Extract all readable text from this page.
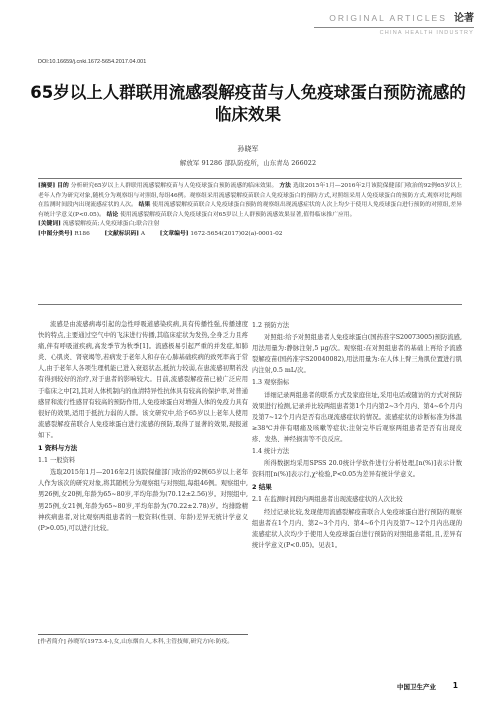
ORIGINAL ARTICLES 论著
CHINA HEALTH INDUSTRY
DOI:10.16659/j.cnki.1672-5654.2017.04.001
65岁以上人群联用流感裂解疫苗与人免疫球蛋白预防流感的临床效果
孙晓军
解放军 91286 部队防疫所，山东青岛 266022
[摘要] 目的 分析研究65岁以上人群联用流感裂解疫苗与人免疫球蛋白预防流感的临床效果。 方法 选取2015年1月—2016年2月该院保健部门收治的92例65岁以上老年人作为研究对象,随机分为观察组与对照组,每组46例。观察组采用流感裂解疫苗联合人免疫球蛋白的预防方式,对照组采用人免疫球蛋白的预防方式,观察对比两组在监测时间段内出现流感症状的人次。 结果 使用流感裂解疫苗联合人免疫球蛋白预防的观察组出现流感症状的人次上均少于使用人免疫球蛋白进行预防的对照组,差异有统计学意义(P<0.05)。 结论 使用流感裂解疫苗联合人免疫球蛋白对65岁以上人群预防流感效果显著,值得临床推广应用。
[关键词] 流感裂解疫苗;人免疫球蛋白;联合注射
[中图分类号] R186	[文献标识码] A	[文章编号] 1672-5654(2017)02(a)-0001-02

流感是由流感病毒引起的急性呼吸道感染疾病,具有传播性强,传播速度快的特点,主要通过空气中的飞沫进行传播,其临床症状为发热,全身乏力且疼痛,伴有呼吸道疾病,高发季节为秋季[1]。流感极易引起严重的并发症,如肺炎、心肌炎、肾衰竭等,若病发于老年人和存在心肺基础疾病的致死率高于常人,由于老年人各项生理机能已进入衰退状态,抵抗力较弱,在患流感初期若没有得到较好的治疗,对于患者的影响较大。目前,流感裂解疫苗已被广泛应用于临床之中[2],其对人体机制内的血清特异性抗体具有较高的保护率,对普通感冒和流行性感冒有较高的预防作用,人免疫球蛋白对增强人体的免疫力具有很好的效果,适用于抵抗力弱的人群。该文研究中,给予65岁以上老年人使用流感裂解疫苗联合人免疫球蛋白进行流感的预防,取得了显著的效果,现报道如下。

1 资料与方法

1.1 一般资料

选取2015年1月—2016年2月该院保健部门收治的92例65岁以上老年人作为该次的研究对象,将其随机分为观察组与对照组,每组46例。观察组中,男26例,女20例,年龄为65~80岁,平均年龄为(70.12±2.56)岁。对照组中,男25例,女21例,年龄为65~80岁,平均年龄为(70.22±2.78)岁。均排除精神疾病患者,对比观察两组患者的一般资料(性别、年龄)差异无统计学意义(P>0.05),可以进行比较。

1.2 预防方法

对照组:给予对照组患者人免疫球蛋白(国药准字S20073005)预防流感,用法用量为:静脉注射,5 μg/次。观察组:在对照组患者的基础上再给予流感裂解疫苗(国药准字S20040082),用法用量为:在人体上臂三角肌位置进行肌内注射,0.5 mL/次。

1.3 观察指标

详细记录两组患者的联系方式及家庭住址,采用电话或随访的方式对预防效果进行检测,记录并比较两组患者第1个月内第2~3个月内、第4~6个月内及第7~12个月内是否有出现流感症状的情况。流感症状的诊断标准为体温≥38℃并伴有咽痛及咳嗽等症状;注射完毕后观察两组患者是否有出现皮疹、发热、神经损害等不良反应。

1.4 统计方法

所得数据均采用SPSS 20.0统计学软件进行分析处理,[n(%)]表示计数资料用[n(%)]表示行,χ²检验,P<0.05为差异有统计学意义。

2 结果

2.1 在监测时间段内两组患者出现流感症状的人次比较

经过记录比较,发现使用流感裂解疫苗联合人免疫球蛋白进行预防的观察组患者在1个月内、第2~3个月内、第4~6个月内及第7~12个月内出现的流感症状人次均少于使用人免疫球蛋白进行预防的对照组患者组,且,差异有统计学意义(P<0.05)。见表1。

[作者简介] 孙晓军(1973.4-),女,山东烟台人,本科,主管技师,研究方向:防疫。
中国卫生产业 1
